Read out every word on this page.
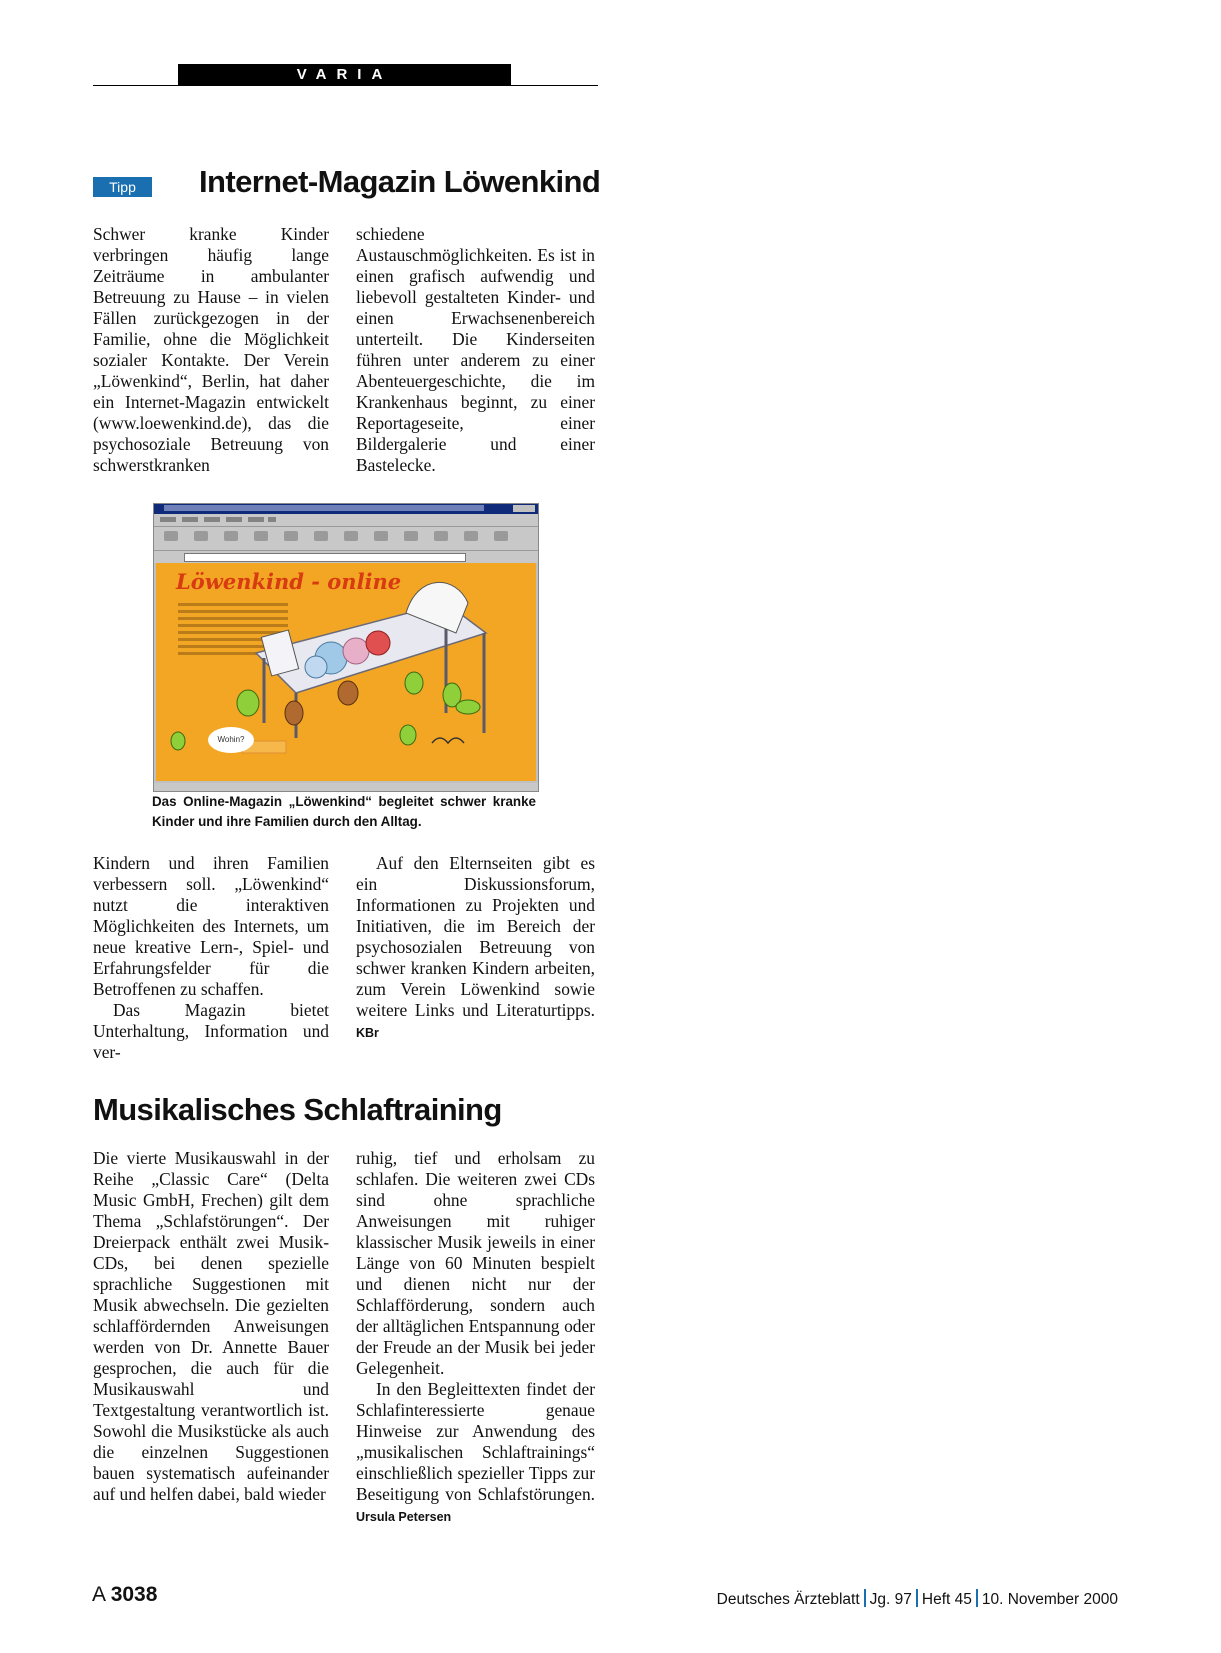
VARIA
Tipp	Internet-Magazin Löwenkind

Schwer kranke Kinder verbringen häufig lange Zeiträume in ambulanter Betreuung zu Hause – in vielen Fällen zurückgezogen in der Familie, ohne die Möglichkeit sozialer Kontakte. Der Verein „Löwenkind“, Berlin, hat daher ein Internet-Magazin entwickelt (www.loewenkind.de), das die psychosoziale Betreuung von schwerstkranken

schiedene Austauschmöglichkeiten. Es ist in einen grafisch aufwendig und liebevoll gestalteten Kinder- und einen Erwachsenenbereich unterteilt. Die Kinderseiten führen unter anderem zu einer Abenteuergeschichte, die im Krankenhaus beginnt, zu einer Reportageseite, einer Bildergalerie und einer Bastelecke.

Löwenkind - online
Wohin?
Das Online-Magazin „Löwenkind“ begleitet schwer kranke Kinder und ihre Familien durch den Alltag.

Kindern und ihren Familien verbessern soll. „Löwenkind“ nutzt die interaktiven Möglichkeiten des Internets, um neue kreative Lern-, Spiel- und Erfahrungsfelder für die Betroffenen zu schaffen.

Das Magazin bietet Unterhaltung, Information und ver-

Auf den Elternseiten gibt es ein Diskussionsforum, Informationen zu Projekten und Initiativen, die im Bereich der psychosozialen Betreuung von schwer kranken Kindern arbeiten, zum Verein Löwenkind sowie weitere Links und Literaturtipps. KBr

Musikalisches Schlaftraining

Die vierte Musikauswahl in der Reihe „Classic Care“ (Delta Music GmbH, Frechen) gilt dem Thema „Schlafstörungen“. Der Dreierpack enthält zwei Musik-CDs, bei denen spezielle sprachliche Suggestionen mit Musik abwechseln. Die gezielten schlaffördernden Anweisungen werden von Dr. Annette Bauer gesprochen, die auch für die Musikauswahl und Textgestaltung verantwortlich ist. Sowohl die Musikstücke als auch die einzelnen Suggestionen bauen systematisch aufeinander auf und helfen dabei, bald wieder

ruhig, tief und erholsam zu schlafen. Die weiteren zwei CDs sind ohne sprachliche Anweisungen mit ruhiger klassischer Musik jeweils in einer Länge von 60 Minuten bespielt und dienen nicht nur der Schlafförderung, sondern auch der alltäglichen Entspannung oder der Freude an der Musik bei jeder Gelegenheit.

In den Begleittexten findet der Schlafinteressierte genaue Hinweise zur Anwendung des „musikalischen Schlaftrainings“ einschließlich spezieller Tipps zur Beseitigung von Schlafstörungen. Ursula Petersen

A 3038	Deutsches Ärzteblatt Jg. 97 Heft 45 10. November 2000
